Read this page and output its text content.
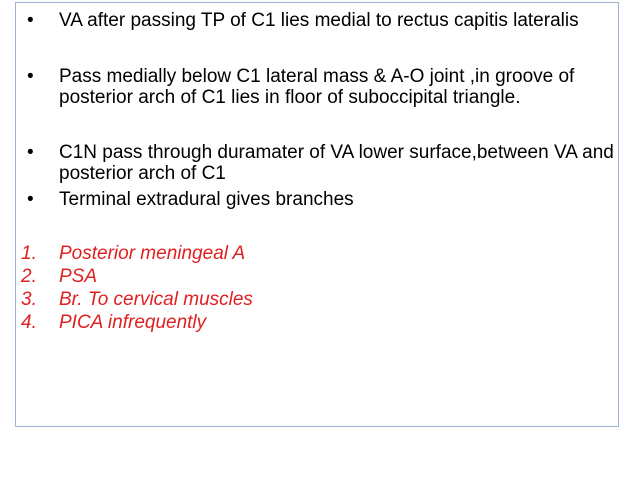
• VA after passing TP of C1 lies medial to rectus capitis lateralis
• Pass medially below C1 lateral mass & A-O joint ,in groove of posterior arch of C1 lies in floor of suboccipital triangle.
• C1N pass through duramater of VA lower surface,between VA and posterior arch of C1
• Terminal extradural gives branches
1. Posterior meningeal A
2. PSA
3. Br. To cervical muscles
4. PICA infrequently
